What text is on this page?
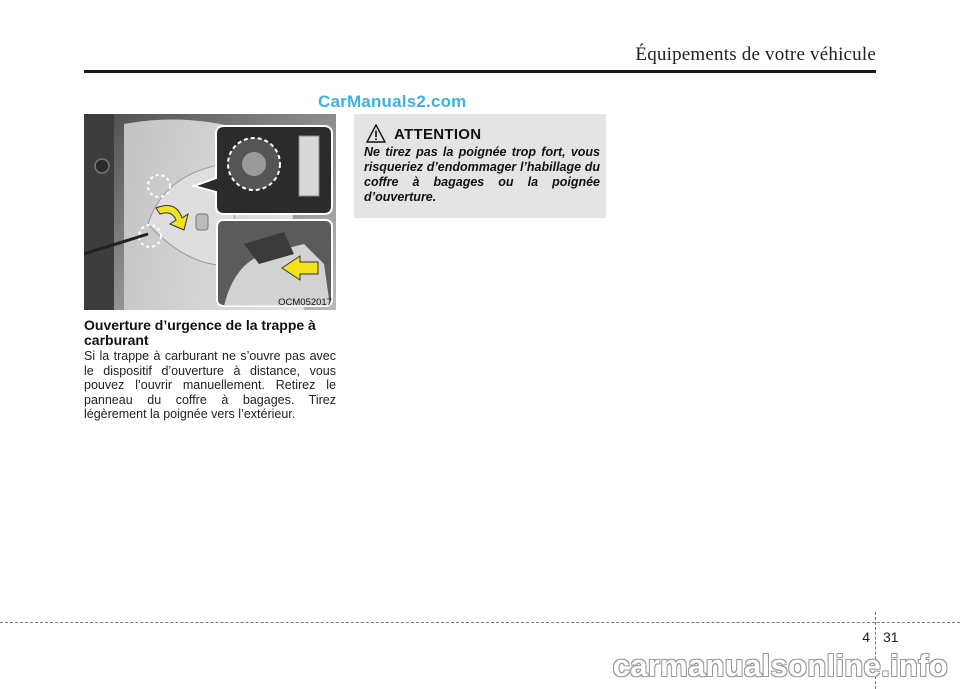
Équipements de votre véhicule
CarManuals2.com
OCM052017
Ouverture d’urgence de la trappe à carburant
Si la trappe à carburant ne s’ouvre pas avec le dispositif d’ouverture à distance, vous pouvez l’ouvrir manuellement. Retirez le panneau du coffre à bagages. Tirez légèrement la poignée vers l’extérieur.
ATTENTION
Ne tirez pas la poignée trop fort, vous risqueriez d’endommager l’habillage du coffre à bagages ou la poignée d’ouverture.
4 31
carmanualsonline.info
